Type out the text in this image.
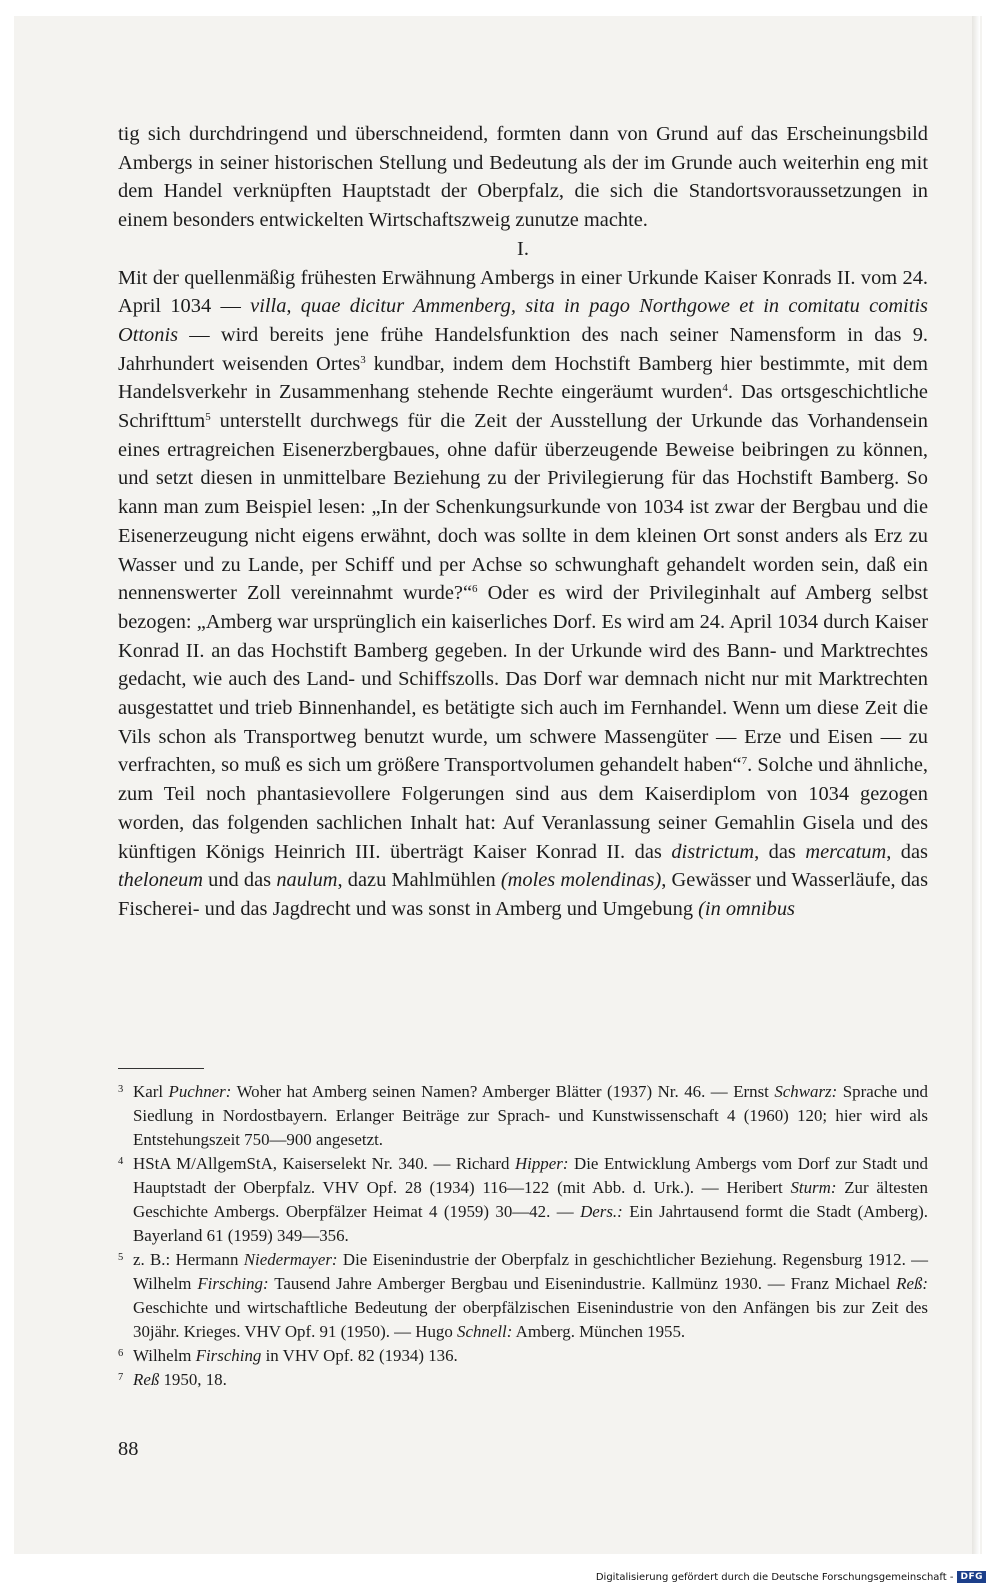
tig sich durchdringend und überschneidend, formten dann von Grund auf das Erscheinungsbild Ambergs in seiner historischen Stellung und Bedeutung als der im Grunde auch weiterhin eng mit dem Handel verknüpften Hauptstadt der Oberpfalz, die sich die Standortsvoraussetzungen in einem besonders entwickelten Wirtschaftszweig zunutze machte.

I.

Mit der quellenmäßig frühesten Erwähnung Ambergs in einer Urkunde Kaiser Konrads II. vom 24. April 1034 — villa, quae dicitur Ammenberg, sita in pago Northgowe et in comitatu comitis Ottonis — wird bereits jene frühe Handelsfunktion des nach seiner Namensform in das 9. Jahrhundert weisenden Ortes$^3$ kundbar, indem dem Hochstift Bamberg hier bestimmte, mit dem Handelsverkehr in Zusammenhang stehende Rechte eingeräumt wurden$^4$. Das ortsgeschichtliche Schrifttum$^5$ unterstellt durchwegs für die Zeit der Ausstellung der Urkunde das Vorhandensein eines ertragreichen Eisenerzbergbaues, ohne dafür überzeugende Beweise beibringen zu können, und setzt diesen in unmittelbare Beziehung zu der Privilegierung für das Hochstift Bamberg. So kann man zum Beispiel lesen: „In der Schenkungsurkunde von 1034 ist zwar der Bergbau und die Eisenerzeugung nicht eigens erwähnt, doch was sollte in dem kleinen Ort sonst anders als Erz zu Wasser und zu Lande, per Schiff und per Achse so schwunghaft gehandelt worden sein, daß ein nennenswerter Zoll vereinnahmt wurde?“$^6$ Oder es wird der Privileginhalt auf Amberg selbst bezogen: „Amberg war ursprünglich ein kaiserliches Dorf. Es wird am 24. April 1034 durch Kaiser Konrad II. an das Hochstift Bamberg gegeben. In der Urkunde wird des Bann- und Marktrechtes gedacht, wie auch des Land- und Schiffszolls. Das Dorf war demnach nicht nur mit Marktrechten ausgestattet und trieb Binnenhandel, es betätigte sich auch im Fernhandel. Wenn um diese Zeit die Vils schon als Transportweg benutzt wurde, um schwere Massengüter — Erze und Eisen — zu verfrachten, so muß es sich um größere Transportvolumen gehandelt haben“$^7$. Solche und ähnliche, zum Teil noch phantasievollere Folgerungen sind aus dem Kaiserdiplom von 1034 gezogen worden, das folgenden sachlichen Inhalt hat: Auf Veranlassung seiner Gemahlin Gisela und des künftigen Königs Heinrich III. überträgt Kaiser Konrad II. das districtum, das mercatum, das theloneum und das naulum, dazu Mahlmühlen (moles molendinas), Gewässer und Wasserläufe, das Fischerei- und das Jagdrecht und was sonst in Amberg und Umgebung (in omnibus

3 Karl Puchner: Woher hat Amberg seinen Namen? Amberger Blätter (1937) Nr. 46. — Ernst Schwarz: Sprache und Siedlung in Nordostbayern. Erlanger Beiträge zur Sprach- und Kunstwissenschaft 4 (1960) 120; hier wird als Entstehungszeit 750—900 angesetzt.

4 HStA M/AllgemStA, Kaiserselekt Nr. 340. — Richard Hipper: Die Entwicklung Ambergs vom Dorf zur Stadt und Hauptstadt der Oberpfalz. VHV Opf. 28 (1934) 116—122 (mit Abb. d. Urk.). — Heribert Sturm: Zur ältesten Geschichte Ambergs. Oberpfälzer Heimat 4 (1959) 30—42. — Ders.: Ein Jahrtausend formt die Stadt (Amberg). Bayerland 61 (1959) 349—356.

5 z. B.: Hermann Niedermayer: Die Eisenindustrie der Oberpfalz in geschichtlicher Beziehung. Regensburg 1912. — Wilhelm Firsching: Tausend Jahre Amberger Bergbau und Eisenindustrie. Kallmünz 1930. — Franz Michael Reß: Geschichte und wirtschaftliche Bedeutung der oberpfälzischen Eisenindustrie von den Anfängen bis zur Zeit des 30jähr. Krieges. VHV Opf. 91 (1950). — Hugo Schnell: Amberg. München 1955.

6 Wilhelm Firsching in VHV Opf. 82 (1934) 136.

7 Reß 1950, 18.

88
Digitalisierung gefördert durch die Deutsche Forschungsgemeinschaft - DFG
